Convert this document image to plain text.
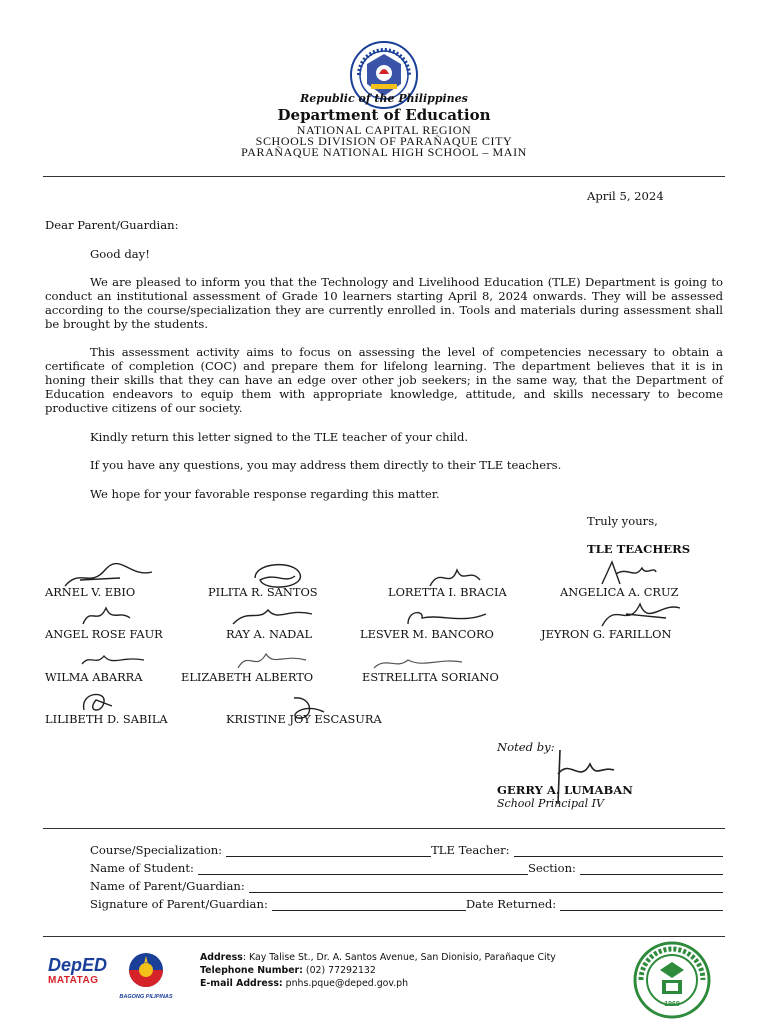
Republic of the Philippines
Department of Education
NATIONAL CAPITAL REGION
SCHOOLS DIVISION OF PARAÑAQUE CITY
PARAÑAQUE NATIONAL HIGH SCHOOL – MAIN
April 5, 2024
Dear Parent/Guardian:
Good day!
We are pleased to inform you that the Technology and Livelihood Education (TLE) Department is going to conduct an institutional assessment of Grade 10 learners starting April 8, 2024 onwards. They will be assessed according to the course/specialization they are currently enrolled in. Tools and materials during assessment shall be brought by the students.
This assessment activity aims to focus on assessing the level of competencies necessary to obtain a certificate of completion (COC) and prepare them for lifelong learning. The department believes that it is in honing their skills that they can have an edge over other job seekers; in the same way, that the Department of Education endeavors to equip them with appropriate knowledge, attitude, and skills necessary to become productive citizens of our society.
Kindly return this letter signed to the TLE teacher of your child.
If you have any questions, you may address them directly to their TLE teachers.
We hope for your favorable response regarding this matter.
Truly yours,
TLE TEACHERS
ARNEL V. EBIO	PILITA R. SANTOS	LORETTA I. BRACIA	ANGELICA A. CRUZ
ANGEL ROSE FAUR	RAY A. NADAL	LESVER M. BANCORO	JEYRON G. FARILLON
WILMA ABARRA	ELIZABETH ALBERTO	ESTRELLITA SORIANO
LILIBETH D. SABILA	KRISTINE JOY ESCASURA
Noted by:
GERRY A. LUMABAN
School Principal IV
Course/Specialization:	TLE Teacher:
Name of Student:	Section:
Name of Parent/Guardian:
Signature of Parent/Guardian:	Date Returned:
DepED
MATATAG
BAGONG PILIPINAS
Address: Kay Talise St., Dr. A. Santos Avenue, San Dionisio, Parañaque City
Telephone Number: (02) 77292132
E-mail Address: pnhs.pque@deped.gov.ph
1969
